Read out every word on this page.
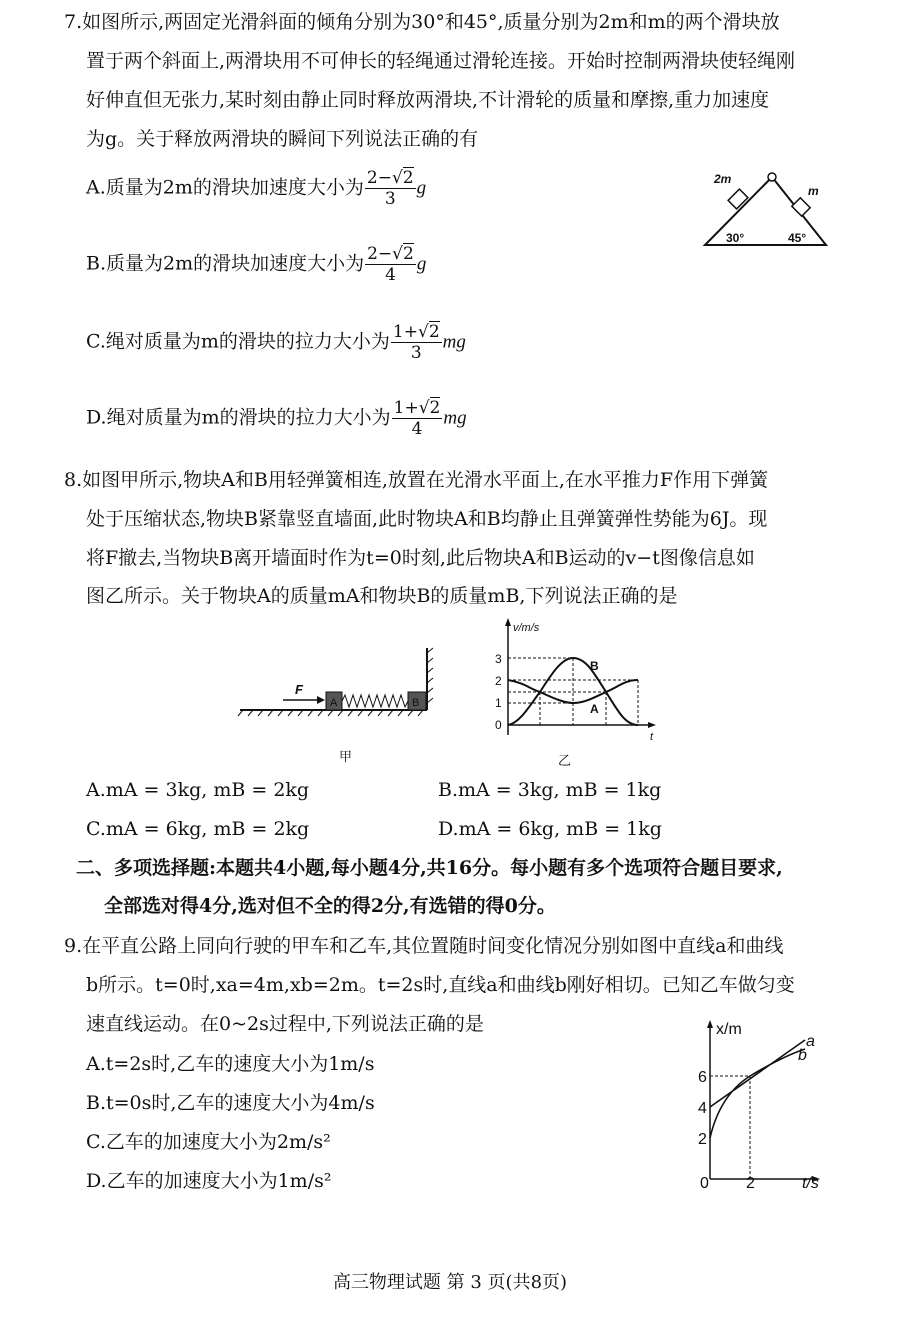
7.如图所示,两固定光滑斜面的倾角分别为30°和45°,质量分别为2m和m的两个滑块放
置于两个斜面上,两滑块用不可伸长的轻绳通过滑轮连接。开始时控制两滑块使轻绳刚
好伸直但无张力,某时刻由静止同时释放两滑块,不计滑轮的质量和摩擦,重力加速度
为g。关于释放两滑块的瞬间下列说法正确的有
A.质量为2m的滑块加速度大小为 $\frac{2-√2}{3}$ g
B.质量为2m的滑块加速度大小为 $\frac{2-√2}{4}$ g
C.绳对质量为m的滑块的拉力大小为 $\frac{1+√2}{3}$ mg
D.绳对质量为m的滑块的拉力大小为 $\frac{1+√2}{4}$ mg
2m
m
30°	45°
8.如图甲所示,物块A和B用轻弹簧相连,放置在光滑水平面上,在水平推力F作用下弹簧
处于压缩状态,物块B紧靠竖直墙面,此时物块A和B均静止且弹簧弹性势能为6J。现
将F撤去,当物块B离开墙面时作为t=0时刻,此后物块A和B运动的v−t图像信息如
图乙所示。关于物块A的质量mA和物块B的质量mB,下列说法正确的是
F
A	B
甲
v/m/s
t
0
1
2
3	B
A
乙
A.mA = 3kg, mB = 2kg	B.mA = 3kg, mB = 1kg
C.mA = 6kg, mB = 2kg	D.mA = 6kg, mB = 1kg
二、多项选择题:本题共4小题,每小题4分,共16分。每小题有多个选项符合题目要求,
全部选对得4分,选对但不全的得2分,有选错的得0分。
9.在平直公路上同向行驶的甲车和乙车,其位置随时间变化情况分别如图中直线a和曲线
b所示。t=0时,xa=4m,xb=2m。t=2s时,直线a和曲线b刚好相切。已知乙车做匀变
速直线运动。在0~2s过程中,下列说法正确的是
A.t=2s时,乙车的速度大小为1m/s
B.t=0s时,乙车的速度大小为4m/s
C.乙车的加速度大小为2m/s²
D.乙车的加速度大小为1m/s²
x/m
t/s
2
4
6
0 2
a
b
高三物理试题 第 3 页(共8页)
